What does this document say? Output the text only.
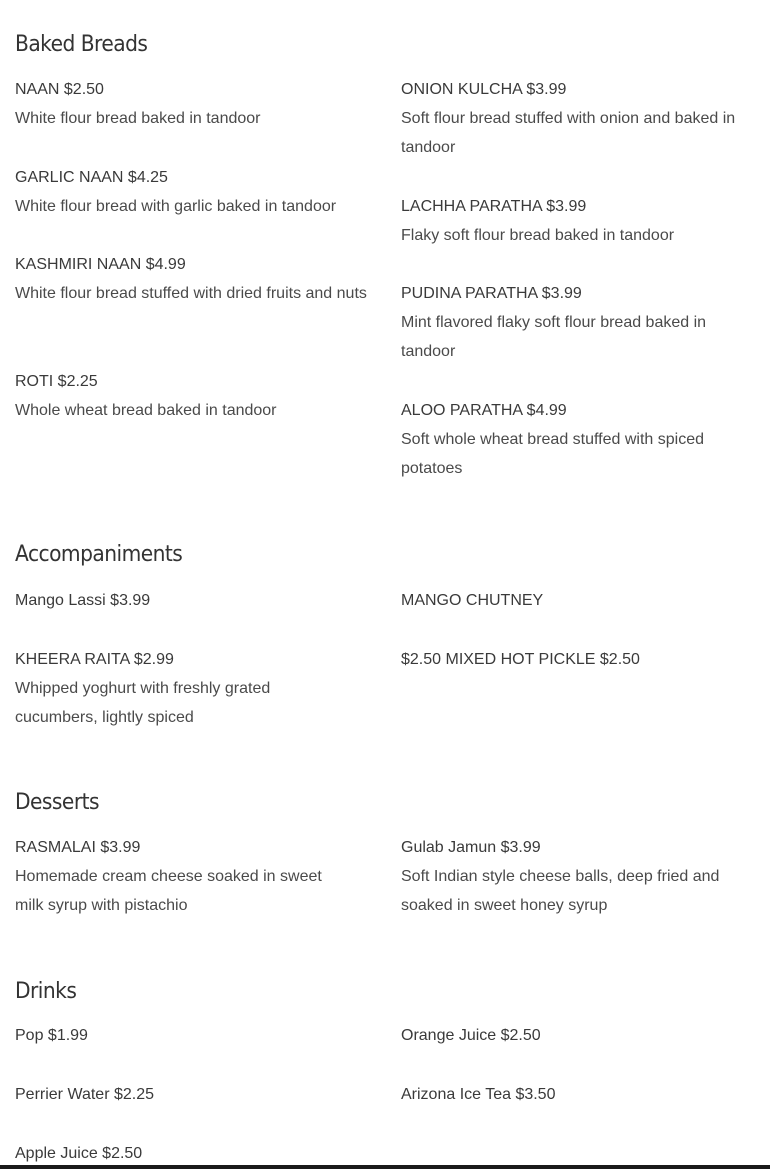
Baked Breads
NAAN $2.50
White flour bread baked in tandoor
GARLIC NAAN $4.25
White flour bread with garlic baked in tandoor
KASHMIRI NAAN $4.99
White flour bread stuffed with dried fruits and nuts
ROTI $2.25
Whole wheat bread baked in tandoor
ONION KULCHA $3.99
Soft flour bread stuffed with onion and baked in tandoor
LACHHA PARATHA $3.99
Flaky soft flour bread baked in tandoor
PUDINA PARATHA $3.99
Mint flavored flaky soft flour bread baked in tandoor
ALOO PARATHA $4.99
Soft whole wheat bread stuffed with spiced potatoes
Accompaniments
Mango Lassi $3.99
KHEERA RAITA $2.99
Whipped yoghurt with freshly grated cucumbers, lightly spiced
MANGO CHUTNEY
$2.50 MIXED HOT PICKLE $2.50
Desserts
RASMALAI $3.99
Homemade cream cheese soaked in sweet milk syrup with pistachio
Gulab Jamun $3.99
Soft Indian style cheese balls, deep fried and soaked in sweet honey syrup
Drinks
Pop $1.99
Perrier Water $2.25
Apple Juice $2.50
Orange Juice $2.50
Arizona Ice Tea $3.50
